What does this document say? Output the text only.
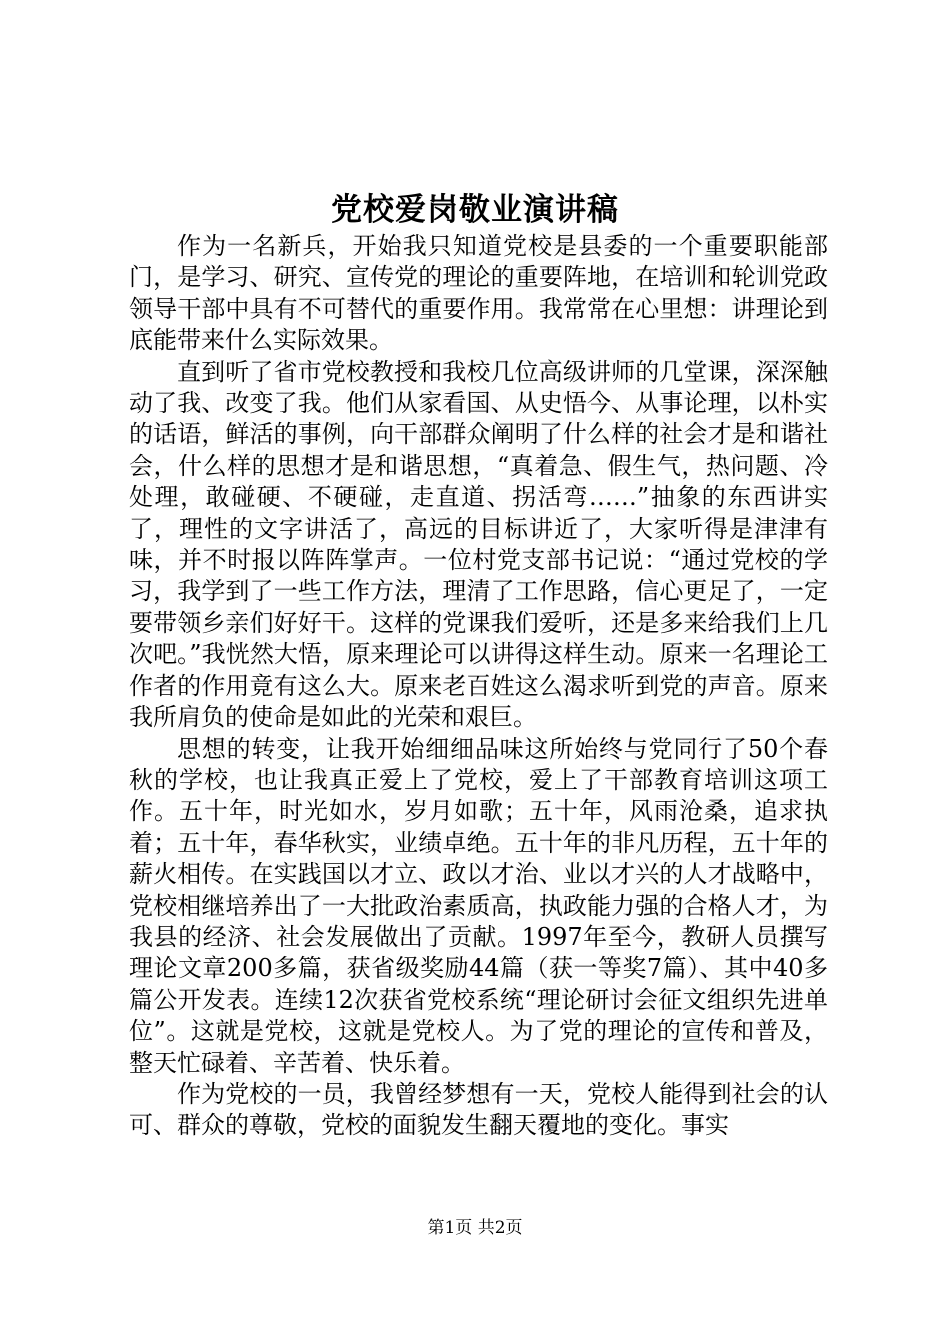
党校爱岗敬业演讲稿

作为一名新兵，开始我只知道党校是县委的一个重要职能部门，是学习、研究、宣传党的理论的重要阵地，在培训和轮训党政领导干部中具有不可替代的重要作用。我常常在心里想：讲理论到底能带来什么实际效果。

直到听了省市党校教授和我校几位高级讲师的几堂课，深深触动了我、改变了我。他们从家看国、从史悟今、从事论理，以朴实的话语，鲜活的事例，向干部群众阐明了什么样的社会才是和谐社会，什么样的思想才是和谐思想，“真着急、假生气，热问题、冷处理，敢碰硬、不硬碰，走直道、拐活弯……”抽象的东西讲实了，理性的文字讲活了，高远的目标讲近了，大家听得是津津有味，并不时报以阵阵掌声。一位村党支部书记说：“通过党校的学习，我学到了一些工作方法，理清了工作思路，信心更足了，一定要带领乡亲们好好干。这样的党课我们爱听，还是多来给我们上几次吧。”我恍然大悟，原来理论可以讲得这样生动。原来一名理论工作者的作用竟有这么大。原来老百姓这么渴求听到党的声音。原来我所肩负的使命是如此的光荣和艰巨。

思想的转变，让我开始细细品味这所始终与党同行了50个春秋的学校，也让我真正爱上了党校，爱上了干部教育培训这项工作。五十年，时光如水，岁月如歌；五十年，风雨沧桑，追求执着；五十年，春华秋实，业绩卓绝。五十年的非凡历程，五十年的薪火相传。在实践国以才立、政以才治、业以才兴的人才战略中，党校相继培养出了一大批政治素质高，执政能力强的合格人才，为我县的经济、社会发展做出了贡献。1997年至今，教研人员撰写理论文章200多篇，获省级奖励44篇（获一等奖7篇）、其中40多篇公开发表。连续12次获省党校系统“理论研讨会征文组织先进单位”。这就是党校，这就是党校人。为了党的理论的宣传和普及，整天忙碌着、辛苦着、快乐着。

作为党校的一员，我曾经梦想有一天，党校人能得到社会的认可、群众的尊敬，党校的面貌发生翻天覆地的变化。事实

第1页 共2页
